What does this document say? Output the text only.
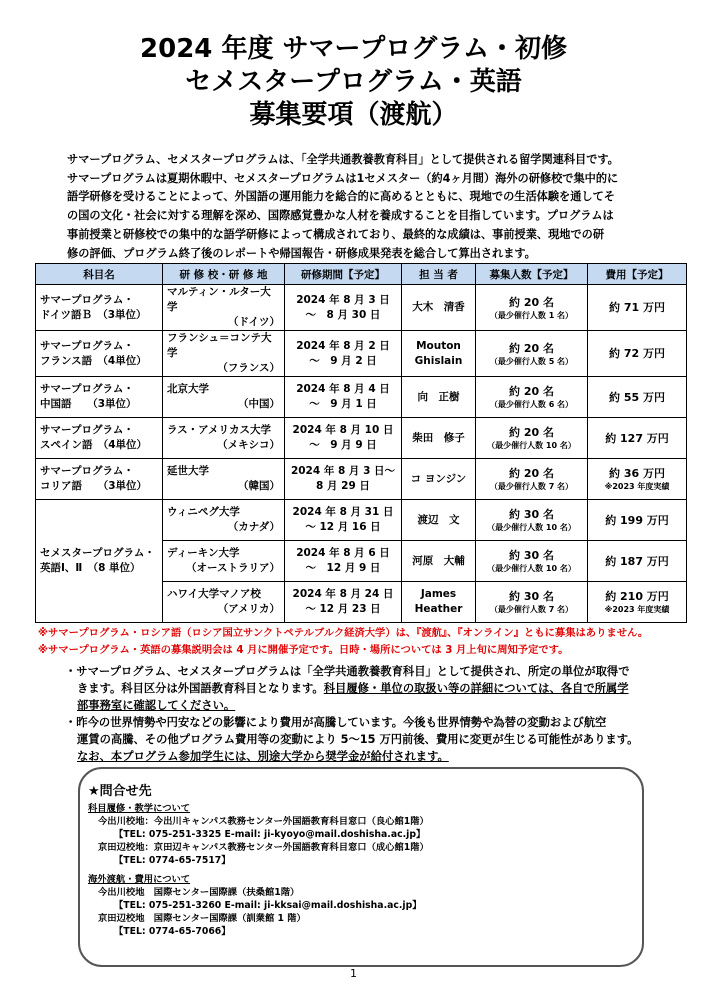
2024 年度 サマープログラム・初修
セメスタープログラム・英語
募集要項（渡航）
サマープログラム、セメスタープログラムは、「全学共通教養教育科目」として提供される留学関連科目です。
サマープログラムは夏期休暇中、セメスタープログラムは1セメスター（約4ヶ月間）海外の研修校で集中的に
語学研修を受けることによって、外国語の運用能力を総合的に高めるとともに、現地での生活体験を通してそ
の国の文化・社会に対する理解を深め、国際感覚豊かな人材を養成することを目指しています。プログラムは
事前授業と研修校での集中的な語学研修によって構成されており、最終的な成績は、事前授業、現地での研
修の評価、プログラム終了後のレポートや帰国報告・研修成果発表を総合して算出されます。
科目名	研 修 校・研 修 地	研修期間【予定】	担 当 者	募集人数【予定】	費用【予定】

サマープログラム・
ドイツ語Ｂ　（3単位）	マルティン・ルター大学
（ドイツ）	2024 年 8 月 3 日
～　8 月 30 日	大木　清香	約 20 名
（最少催行人数 1 名）	約 71 万円

サマープログラム・
フランス語　（4単位）	フランシュ＝コンテ大学
（フランス）	2024 年 8 月 2 日
～　9 月 2 日	Mouton
Ghislain	約 20 名
（最少催行人数 5 名）	約 72 万円

サマープログラム・
中国語　　（3単位）	北京大学
（中国）	2024 年 8 月 4 日
～　9 月 1 日	向　正樹	約 20 名
（最少催行人数 6 名）	約 55 万円

サマープログラム・
スペイン語　（4単位）	ラス・アメリカス大学
（メキシコ）	2024 年 8 月 10 日
～　9 月 9 日	柴田　修子	約 20 名
（最少催行人数 10 名）	約 127 万円

サマープログラム・
コリア語　　（3単位）	延世大学
（韓国）	2024 年 8 月 3 日～
8 月 29 日	コ ヨンジン	約 20 名
（最少催行人数 7 名）	約 36 万円
※2023 年度実績

セメスタープログラム・
英語Ⅰ、Ⅱ　（8 単位）	ウィニペグ大学
（カナダ）	2024 年 8 月 31 日
～ 12 月 16 日	渡辺　文	約 30 名
（最少催行人数 10 名）	約 199 万円

	ディーキン大学
（オーストラリア）	2024 年 8 月 6 日
～　12 月 9 日	河原　大輔	約 30 名
（最少催行人数 10 名）	約 187 万円

	ハワイ大学マノア校
（アメリカ）	2024 年 8 月 24 日
～ 12 月 23 日	James
Heather	約 30 名
（最少催行人数 7 名）	約 210 万円
※2023 年度実績
※サマープログラム・ロシア語（ロシア国立サンクトペテルブルク経済大学）は、『渡航』、『オンライン』ともに募集はありません。
※サマープログラム・英語の募集説明会は 4 月に開催予定です。日時・場所については 3 月上旬に周知予定です。
・サマープログラム、セメスタープログラムは「全学共通教養教育科目」として提供され、所定の単位が取得で
きます。科目区分は外国語教育科目となります。科目履修・単位の取扱い等の詳細については、各自で所属学
部事務室に確認してください。
・昨今の世界情勢や円安などの影響により費用が高騰しています。今後も世界情勢や為替の変動および航空
運賃の高騰、その他プログラム費用等の変動により 5～15 万円前後、費用に変更が生じる可能性があります。
なお、本プログラム参加学生には、別途大学から奨学金が給付されます。
★問合せ先
科目履修・教学について
今出川校地：今出川キャンパス教務センター外国語教育科目窓口（良心館1階）
【TEL: 075-251-3325 E-mail: ji-kyoyo@mail.doshisha.ac.jp】
京田辺校地：京田辺キャンパス教務センター外国語教育科目窓口（成心館1階）
【TEL: 0774-65-7517】
海外渡航・費用について
今出川校地　国際センター国際課（扶桑館1階）
【TEL: 075-251-3260 E-mail: ji-kksai@mail.doshisha.ac.jp】
京田辺校地　国際センター国際課（訓業館 1 階）
【TEL: 0774-65-7066】
1
